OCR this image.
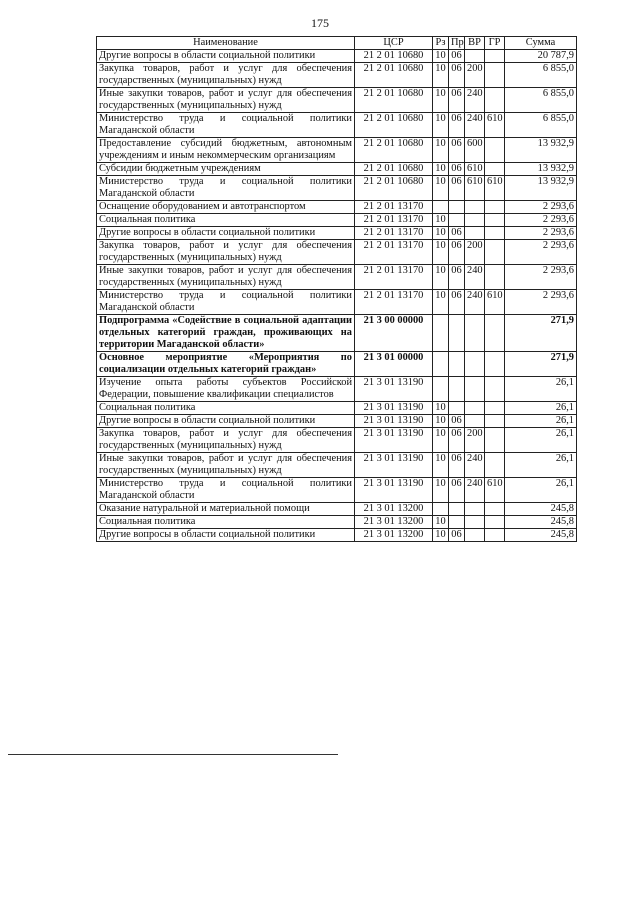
175
Наименование	ЦСР	Рз	Пр	ВР	ГР	Сумма
Другие вопросы в области социальной политики	21 2 01 10680	10	06			20 787,9
Закупка товаров, работ и услуг для обеспечения государственных (муниципальных) нужд	21 2 01 10680	10	06	200		6 855,0
Иные закупки товаров, работ и услуг для обеспечения государственных (муниципальных) нужд	21 2 01 10680	10	06	240		6 855,0
Министерство труда и социальной политики Магаданской области	21 2 01 10680	10	06	240	610	6 855,0
Предоставление субсидий бюджетным, автономным учреждениям и иным некоммерческим организациям	21 2 01 10680	10	06	600		13 932,9
Субсидии бюджетным учреждениям	21 2 01 10680	10	06	610		13 932,9
Министерство труда и социальной политики Магаданской области	21 2 01 10680	10	06	610	610	13 932,9
Оснащение оборудованием и автотранспортом	21 2 01 13170					2 293,6
Социальная политика	21 2 01 13170	10				2 293,6
Другие вопросы в области социальной политики	21 2 01 13170	10	06			2 293,6
Закупка товаров, работ и услуг для обеспечения государственных (муниципальных) нужд	21 2 01 13170	10	06	200		2 293,6
Иные закупки товаров, работ и услуг для обеспечения государственных (муниципальных) нужд	21 2 01 13170	10	06	240		2 293,6
Министерство труда и социальной политики Магаданской области	21 2 01 13170	10	06	240	610	2 293,6
Подпрограмма «Содействие в социальной адаптации отдельных категорий граждан, проживающих на территории Магаданской области»	21 3 00 00000					271,9
Основное мероприятие «Мероприятия по социализации отдельных категорий граждан»	21 3 01 00000					271,9
Изучение опыта работы субъектов Российской Федерации, повышение квалификации специалистов	21 3 01 13190					26,1
Социальная политика	21 3 01 13190	10				26,1
Другие вопросы в области социальной политики	21 3 01 13190	10	06			26,1
Закупка товаров, работ и услуг для обеспечения государственных (муниципальных) нужд	21 3 01 13190	10	06	200		26,1
Иные закупки товаров, работ и услуг для обеспечения государственных (муниципальных) нужд	21 3 01 13190	10	06	240		26,1
Министерство труда и социальной политики Магаданской области	21 3 01 13190	10	06	240	610	26,1
Оказание натуральной и материальной помощи	21 3 01 13200					245,8
Социальная политика	21 3 01 13200	10				245,8
Другие вопросы в области социальной политики	21 3 01 13200	10	06			245,8
